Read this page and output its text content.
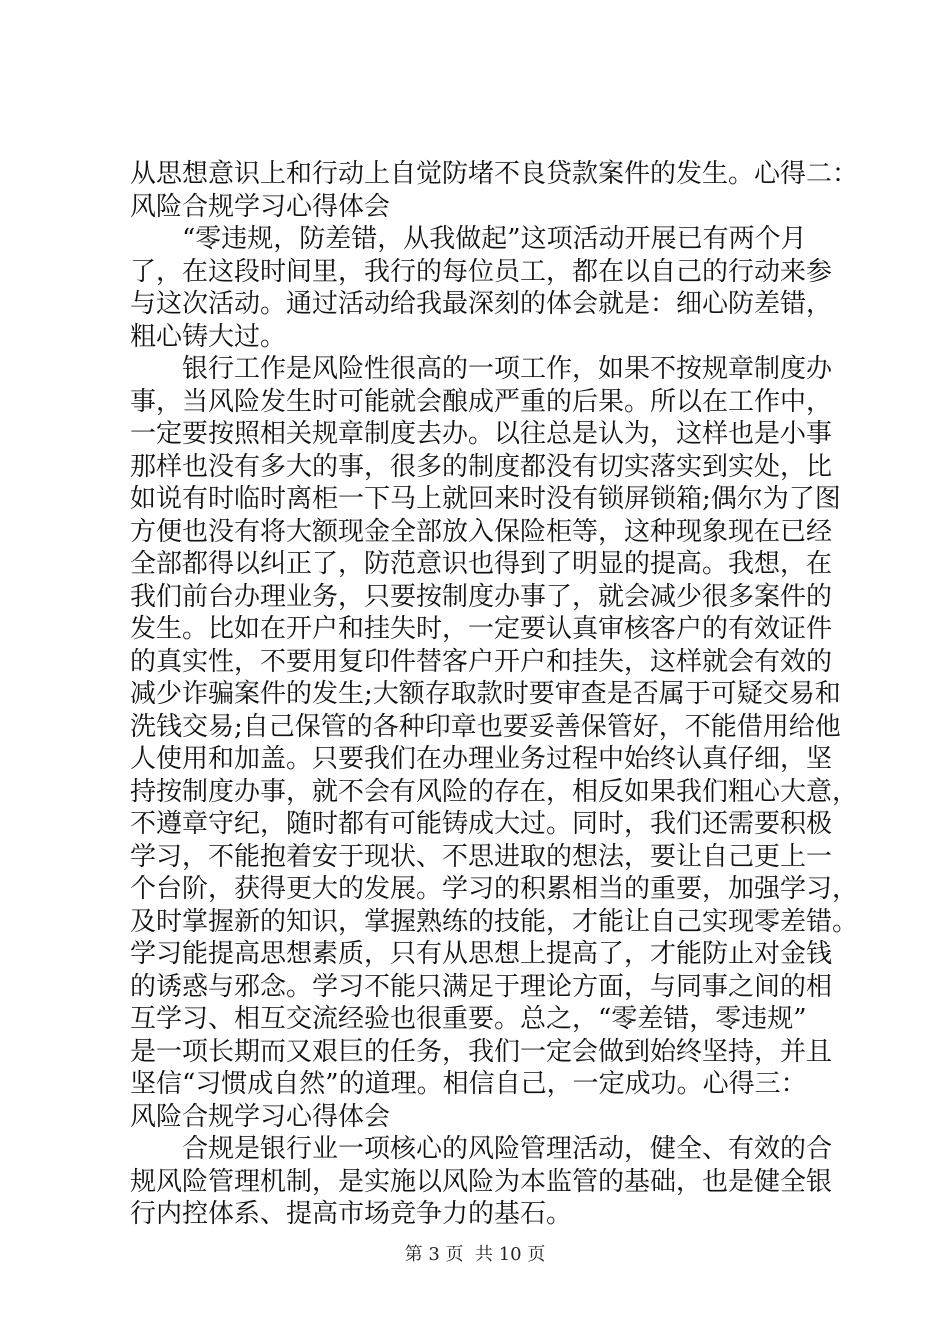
从思想意识上和行动上自觉防堵不良贷款案件的发生。心得二：
风险合规学习心得体会
　　“零违规，防差错，从我做起”这项活动开展已有两个月
了，在这段时间里，我行的每位员工，都在以自己的行动来参
与这次活动。通过活动给我最深刻的体会就是：细心防差错，
粗心铸大过。
　　银行工作是风险性很高的一项工作，如果不按规章制度办
事，当风险发生时可能就会酿成严重的后果。所以在工作中，
一定要按照相关规章制度去办。以往总是认为，这样也是小事
那样也没有多大的事，很多的制度都没有切实落实到实处，比
如说有时临时离柜一下马上就回来时没有锁屏锁箱;偶尔为了图
方便也没有将大额现金全部放入保险柜等，这种现象现在已经
全部都得以纠正了，防范意识也得到了明显的提高。我想，在
我们前台办理业务，只要按制度办事了，就会减少很多案件的
发生。比如在开户和挂失时，一定要认真审核客户的有效证件
的真实性，不要用复印件替客户开户和挂失，这样就会有效的
减少诈骗案件的发生;大额存取款时要审查是否属于可疑交易和
洗钱交易;自己保管的各种印章也要妥善保管好，不能借用给他
人使用和加盖。只要我们在办理业务过程中始终认真仔细，坚
持按制度办事，就不会有风险的存在，相反如果我们粗心大意，
不遵章守纪，随时都有可能铸成大过。同时，我们还需要积极
学习，不能抱着安于现状、不思进取的想法，要让自己更上一
个台阶，获得更大的发展。学习的积累相当的重要，加强学习，
及时掌握新的知识，掌握熟练的技能，才能让自己实现零差错。
学习能提高思想素质，只有从思想上提高了，才能防止对金钱
的诱惑与邪念。学习不能只满足于理论方面，与同事之间的相
互学习、相互交流经验也很重要。总之，“零差错，零违规”
是一项长期而又艰巨的任务，我们一定会做到始终坚持，并且
坚信“习惯成自然”的道理。相信自己，一定成功。心得三：
风险合规学习心得体会
　　合规是银行业一项核心的风险管理活动，健全、有效的合
规风险管理机制，是实施以风险为本监管的基础，也是健全银
行内控体系、提高市场竞争力的基石。
第 3 页  共 10 页
